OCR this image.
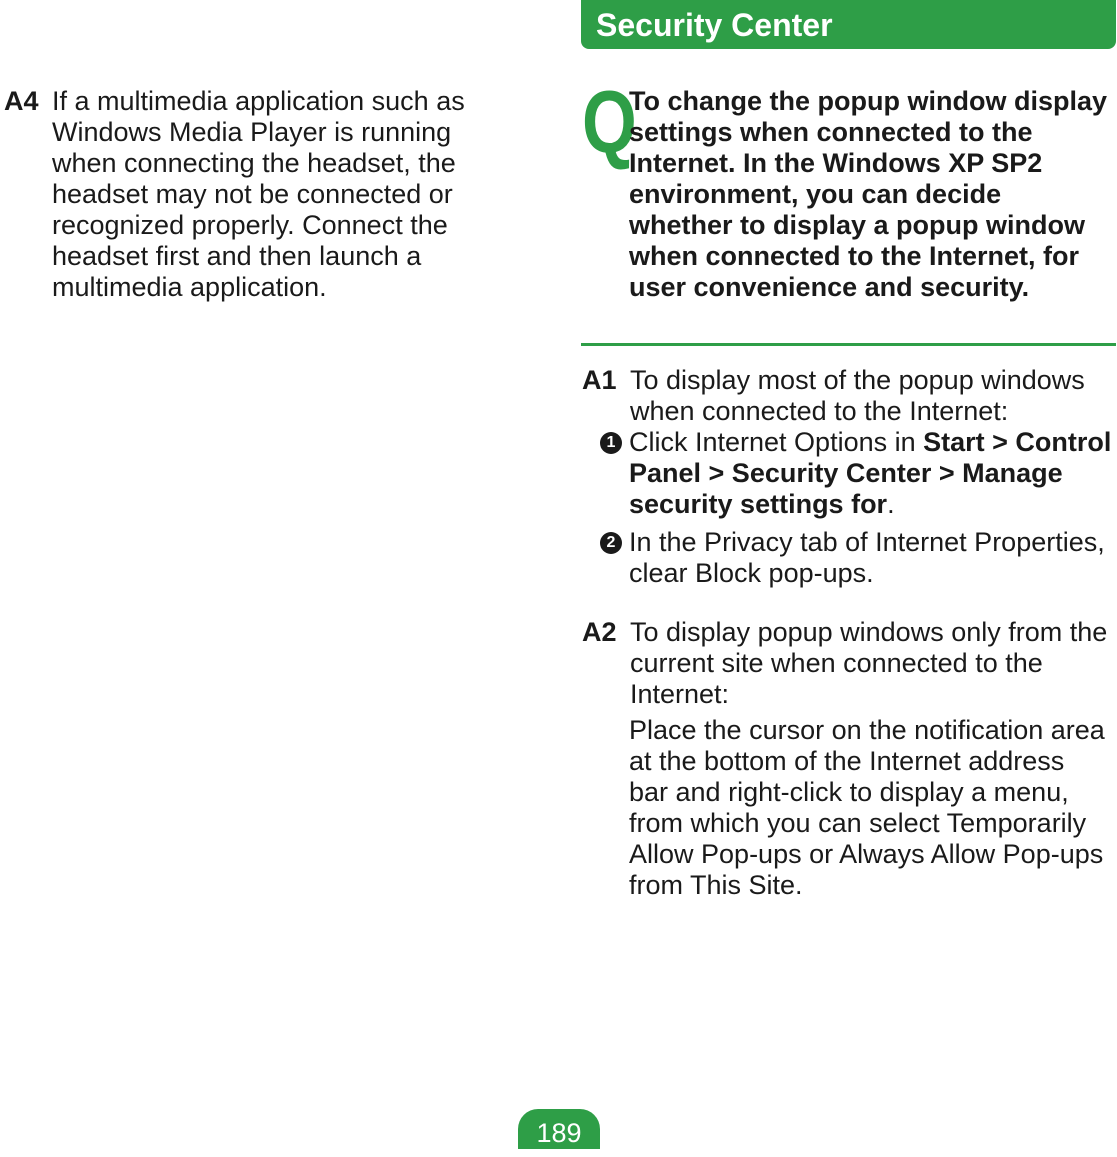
Security Center
A4 If a multimedia application such as Windows Media Player is running when connecting the headset, the headset may not be connected or recognized properly. Connect the headset first and then launch a multimedia application.
Q
To change the popup window display settings when connected to the Internet. In the Windows XP SP2 environment, you can decide whether to display a popup window when connected to the Internet, for user convenience and security.
A1 To display most of the popup windows when connected to the Internet:
1 Click Internet Options in Start > Control Panel > Security Center > Manage security settings for.
2 In the Privacy tab of Internet Properties, clear Block pop-ups.
A2 To display popup windows only from the current site when connected to the Internet:
Place the cursor on the notification area at the bottom of the Internet address bar and right-click to display a menu, from which you can select Temporarily Allow Pop-ups or Always Allow Pop-ups from This Site.
189
